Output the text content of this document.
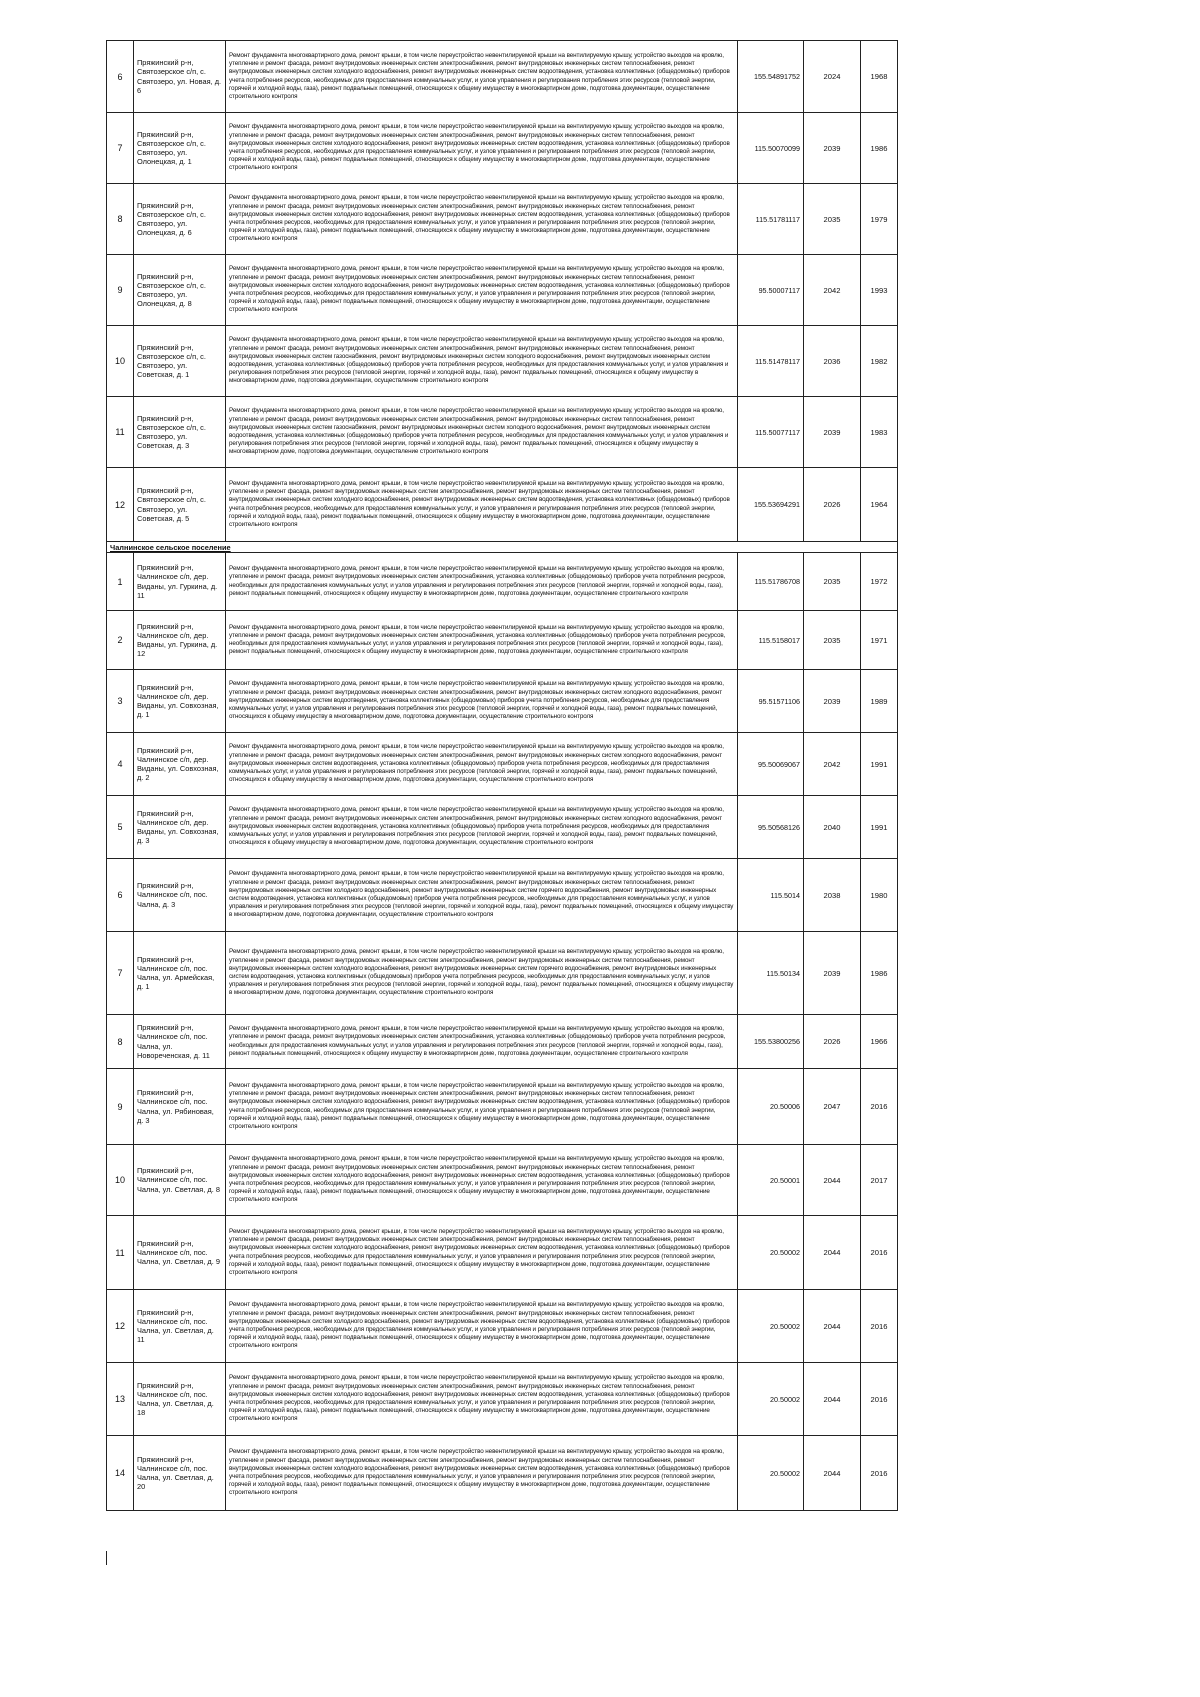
6	Пряжинский р-н, Святозерское с/п, с. Святозеро, ул. Новая, д. 6	Ремонт фундамента многоквартирного дома, ремонт крыши, в том числе переустройство невентилируемой крыши на вентилируемую крышу, устройство выходов на кровлю, утепление и ремонт фасада, ремонт внутридомовых инженерных систем электроснабжения, ремонт внутридомовых инженерных систем теплоснабжения, ремонт внутридомовых инженерных систем холодного водоснабжения, ремонт внутридомовых инженерных систем водоотведения, установка коллективных (общедомовых) приборов учета потребления ресурсов, необходимых для предоставления коммунальных услуг, и узлов управления и регулирования потребления этих ресурсов (тепловой энергии, горячей и холодной воды, газа), ремонт подвальных помещений, относящихся к общему имуществу в многоквартирном доме, подготовка документации, осуществление строительного контроля	155.54891752	2024	1968
7	Пряжинский р-н, Святозерское с/п, с. Святозеро, ул. Олонецкая, д. 1	Ремонт фундамента многоквартирного дома, ремонт крыши, в том числе переустройство невентилируемой крыши на вентилируемую крышу, устройство выходов на кровлю, утепление и ремонт фасада, ремонт внутридомовых инженерных систем электроснабжения, ремонт внутридомовых инженерных систем теплоснабжения, ремонт внутридомовых инженерных систем холодного водоснабжения, ремонт внутридомовых инженерных систем водоотведения, установка коллективных (общедомовых) приборов учета потребления ресурсов, необходимых для предоставления коммунальных услуг, и узлов управления и регулирования потребления этих ресурсов (тепловой энергии, горячей и холодной воды, газа), ремонт подвальных помещений, относящихся к общему имуществу в многоквартирном доме, подготовка документации, осуществление строительного контроля	115.50070099	2039	1986
8	Пряжинский р-н, Святозерское с/п, с. Святозеро, ул. Олонецкая, д. 6	Ремонт фундамента многоквартирного дома, ремонт крыши, в том числе переустройство невентилируемой крыши на вентилируемую крышу, устройство выходов на кровлю, утепление и ремонт фасада, ремонт внутридомовых инженерных систем электроснабжения, ремонт внутридомовых инженерных систем теплоснабжения, ремонт внутридомовых инженерных систем холодного водоснабжения, ремонт внутридомовых инженерных систем водоотведения, установка коллективных (общедомовых) приборов учета потребления ресурсов, необходимых для предоставления коммунальных услуг, и узлов управления и регулирования потребления этих ресурсов (тепловой энергии, горячей и холодной воды, газа), ремонт подвальных помещений, относящихся к общему имуществу в многоквартирном доме, подготовка документации, осуществление строительного контроля	115.51781117	2035	1979
9	Пряжинский р-н, Святозерское с/п, с. Святозеро, ул. Олонецкая, д. 8	Ремонт фундамента многоквартирного дома, ремонт крыши, в том числе переустройство невентилируемой крыши на вентилируемую крышу, устройство выходов на кровлю, утепление и ремонт фасада, ремонт внутридомовых инженерных систем электроснабжения, ремонт внутридомовых инженерных систем теплоснабжения, ремонт внутридомовых инженерных систем холодного водоснабжения, ремонт внутридомовых инженерных систем водоотведения, установка коллективных (общедомовых) приборов учета потребления ресурсов, необходимых для предоставления коммунальных услуг, и узлов управления и регулирования потребления этих ресурсов (тепловой энергии, горячей и холодной воды, газа), ремонт подвальных помещений, относящихся к общему имуществу в многоквартирном доме, подготовка документации, осуществление строительного контроля	95.50007117	2042	1993
10	Пряжинский р-н, Святозерское с/п, с. Святозеро, ул. Советская, д. 1	Ремонт фундамента многоквартирного дома, ремонт крыши, в том числе переустройство невентилируемой крыши на вентилируемую крышу, устройство выходов на кровлю, утепление и ремонт фасада, ремонт внутридомовых инженерных систем электроснабжения, ремонт внутридомовых инженерных систем теплоснабжения, ремонт внутридомовых инженерных систем газоснабжения, ремонт внутридомовых инженерных систем холодного водоснабжения, ремонт внутридомовых инженерных систем водоотведения, установка коллективных (общедомовых) приборов учета потребления ресурсов, необходимых для предоставления коммунальных услуг, и узлов управления и регулирования потребления этих ресурсов (тепловой энергии, горячей и холодной воды, газа), ремонт подвальных помещений, относящихся к общему имуществу в многоквартирном доме, подготовка документации, осуществление строительного контроля	115.51478117	2036	1982
11	Пряжинский р-н, Святозерское с/п, с. Святозеро, ул. Советская, д. 3	Ремонт фундамента многоквартирного дома, ремонт крыши, в том числе переустройство невентилируемой крыши на вентилируемую крышу, устройство выходов на кровлю, утепление и ремонт фасада, ремонт внутридомовых инженерных систем электроснабжения, ремонт внутридомовых инженерных систем теплоснабжения, ремонт внутридомовых инженерных систем газоснабжения, ремонт внутридомовых инженерных систем холодного водоснабжения, ремонт внутридомовых инженерных систем водоотведения, установка коллективных (общедомовых) приборов учета потребления ресурсов, необходимых для предоставления коммунальных услуг, и узлов управления и регулирования потребления этих ресурсов (тепловой энергии, горячей и холодной воды, газа), ремонт подвальных помещений, относящихся к общему имуществу в многоквартирном доме, подготовка документации, осуществление строительного контроля	115.50077117	2039	1983
12	Пряжинский р-н, Святозерское с/п, с. Святозеро, ул. Советская, д. 5	Ремонт фундамента многоквартирного дома, ремонт крыши, в том числе переустройство невентилируемой крыши на вентилируемую крышу, устройство выходов на кровлю, утепление и ремонт фасада, ремонт внутридомовых инженерных систем электроснабжения, ремонт внутридомовых инженерных систем теплоснабжения, ремонт внутридомовых инженерных систем холодного водоснабжения, ремонт внутридомовых инженерных систем водоотведения, установка коллективных (общедомовых) приборов учета потребления ресурсов, необходимых для предоставления коммунальных услуг, и узлов управления и регулирования потребления этих ресурсов (тепловой энергии, горячей и холодной воды, газа), ремонт подвальных помещений, относящихся к общему имуществу в многоквартирном доме, подготовка документации, осуществление строительного контроля	155.53694291	2026	1964
Чалнинское сельское поселение					
1	Пряжинский р-н, Чалнинское с/п, дер. Виданы, ул. Гуркина, д. 11	Ремонт фундамента многоквартирного дома, ремонт крыши, в том числе переустройство невентилируемой крыши на вентилируемую крышу, устройство выходов на кровлю, утепление и ремонт фасада, ремонт внутридомовых инженерных систем электроснабжения, установка коллективных (общедомовых) приборов учета потребления ресурсов, необходимых для предоставления коммунальных услуг, и узлов управления и регулирования потребления этих ресурсов (тепловой энергии, горячей и холодной воды, газа), ремонт подвальных помещений, относящихся к общему имуществу в многоквартирном доме, подготовка документации, осуществление строительного контроля	115.51786708	2035	1972
2	Пряжинский р-н, Чалнинское с/п, дер. Виданы, ул. Гуркина, д. 12	Ремонт фундамента многоквартирного дома, ремонт крыши, в том числе переустройство невентилируемой крыши на вентилируемую крышу, устройство выходов на кровлю, утепление и ремонт фасада, ремонт внутридомовых инженерных систем электроснабжения, установка коллективных (общедомовых) приборов учета потребления ресурсов, необходимых для предоставления коммунальных услуг, и узлов управления и регулирования потребления этих ресурсов (тепловой энергии, горячей и холодной воды, газа), ремонт подвальных помещений, относящихся к общему имуществу в многоквартирном доме, подготовка документации, осуществление строительного контроля	115.5158017	2035	1971
3	Пряжинский р-н, Чалнинское с/п, дер. Виданы, ул. Совхозная, д. 1	Ремонт фундамента многоквартирного дома, ремонт крыши, в том числе переустройство невентилируемой крыши на вентилируемую крышу, устройство выходов на кровлю, утепление и ремонт фасада, ремонт внутридомовых инженерных систем электроснабжения, ремонт внутридомовых инженерных систем холодного водоснабжения, ремонт внутридомовых инженерных систем водоотведения, установка коллективных (общедомовых) приборов учета потребления ресурсов, необходимых для предоставления коммунальных услуг, и узлов управления и регулирования потребления этих ресурсов (тепловой энергии, горячей и холодной воды, газа), ремонт подвальных помещений, относящихся к общему имуществу в многоквартирном доме, подготовка документации, осуществление строительного контроля	95.51571106	2039	1989
4	Пряжинский р-н, Чалнинское с/п, дер. Виданы, ул. Совхозная, д. 2	Ремонт фундамента многоквартирного дома, ремонт крыши, в том числе переустройство невентилируемой крыши на вентилируемую крышу, устройство выходов на кровлю, утепление и ремонт фасада, ремонт внутридомовых инженерных систем электроснабжения, ремонт внутридомовых инженерных систем холодного водоснабжения, ремонт внутридомовых инженерных систем водоотведения, установка коллективных (общедомовых) приборов учета потребления ресурсов, необходимых для предоставления коммунальных услуг, и узлов управления и регулирования потребления этих ресурсов (тепловой энергии, горячей и холодной воды, газа), ремонт подвальных помещений, относящихся к общему имуществу в многоквартирном доме, подготовка документации, осуществление строительного контроля	95.50069067	2042	1991
5	Пряжинский р-н, Чалнинское с/п, дер. Виданы, ул. Совхозная, д. 3	Ремонт фундамента многоквартирного дома, ремонт крыши, в том числе переустройство невентилируемой крыши на вентилируемую крышу, устройство выходов на кровлю, утепление и ремонт фасада, ремонт внутридомовых инженерных систем электроснабжения, ремонт внутридомовых инженерных систем холодного водоснабжения, ремонт внутридомовых инженерных систем водоотведения, установка коллективных (общедомовых) приборов учета потребления ресурсов, необходимых для предоставления коммунальных услуг, и узлов управления и регулирования потребления этих ресурсов (тепловой энергии, горячей и холодной воды, газа), ремонт подвальных помещений, относящихся к общему имуществу в многоквартирном доме, подготовка документации, осуществление строительного контроля	95.50568126	2040	1991
6	Пряжинский р-н, Чалнинское с/п, пос. Чална, д. 3	Ремонт фундамента многоквартирного дома, ремонт крыши, в том числе переустройство невентилируемой крыши на вентилируемую крышу, устройство выходов на кровлю, утепление и ремонт фасада, ремонт внутридомовых инженерных систем электроснабжения, ремонт внутридомовых инженерных систем теплоснабжения, ремонт внутридомовых инженерных систем холодного водоснабжения, ремонт внутридомовых инженерных систем горячего водоснабжения, ремонт внутридомовых инженерных систем водоотведения, установка коллективных (общедомовых) приборов учета потребления ресурсов, необходимых для предоставления коммунальных услуг, и узлов управления и регулирования потребления этих ресурсов (тепловой энергии, горячей и холодной воды, газа), ремонт подвальных помещений, относящихся к общему имуществу в многоквартирном доме, подготовка документации, осуществление строительного контроля	115.5014	2038	1980
7	Пряжинский р-н, Чалнинское с/п, пос. Чална, ул. Армейская, д. 1	Ремонт фундамента многоквартирного дома, ремонт крыши, в том числе переустройство невентилируемой крыши на вентилируемую крышу, устройство выходов на кровлю, утепление и ремонт фасада, ремонт внутридомовых инженерных систем электроснабжения, ремонт внутридомовых инженерных систем теплоснабжения, ремонт внутридомовых инженерных систем холодного водоснабжения, ремонт внутридомовых инженерных систем горячего водоснабжения, ремонт внутридомовых инженерных систем водоотведения, установка коллективных (общедомовых) приборов учета потребления ресурсов, необходимых для предоставления коммунальных услуг, и узлов управления и регулирования потребления этих ресурсов (тепловой энергии, горячей и холодной воды, газа), ремонт подвальных помещений, относящихся к общему имуществу в многоквартирном доме, подготовка документации, осуществление строительного контроля	115.50134	2039	1986
8	Пряжинский р-н, Чалнинское с/п, пос. Чална, ул. Новореченская, д. 11	Ремонт фундамента многоквартирного дома, ремонт крыши, в том числе переустройство невентилируемой крыши на вентилируемую крышу, устройство выходов на кровлю, утепление и ремонт фасада, ремонт внутридомовых инженерных систем электроснабжения, установка коллективных (общедомовых) приборов учета потребления ресурсов, необходимых для предоставления коммунальных услуг, и узлов управления и регулирования потребления этих ресурсов (тепловой энергии, горячей и холодной воды, газа), ремонт подвальных помещений, относящихся к общему имуществу в многоквартирном доме, подготовка документации, осуществление строительного контроля	155.53800256	2026	1966
9	Пряжинский р-н, Чалнинское с/п, пос. Чална, ул. Рябиновая, д. 3	Ремонт фундамента многоквартирного дома, ремонт крыши, в том числе переустройство невентилируемой крыши на вентилируемую крышу, устройство выходов на кровлю, утепление и ремонт фасада, ремонт внутридомовых инженерных систем электроснабжения, ремонт внутридомовых инженерных систем теплоснабжения, ремонт внутридомовых инженерных систем холодного водоснабжения, ремонт внутридомовых инженерных систем водоотведения, установка коллективных (общедомовых) приборов учета потребления ресурсов, необходимых для предоставления коммунальных услуг, и узлов управления и регулирования потребления этих ресурсов (тепловой энергии, горячей и холодной воды, газа), ремонт подвальных помещений, относящихся к общему имуществу в многоквартирном доме, подготовка документации, осуществление строительного контроля	20.50006	2047	2016
10	Пряжинский р-н, Чалнинское с/п, пос. Чална, ул. Светлая, д. 8	Ремонт фундамента многоквартирного дома, ремонт крыши, в том числе переустройство невентилируемой крыши на вентилируемую крышу, устройство выходов на кровлю, утепление и ремонт фасада, ремонт внутридомовых инженерных систем электроснабжения, ремонт внутридомовых инженерных систем теплоснабжения, ремонт внутридомовых инженерных систем холодного водоснабжения, ремонт внутридомовых инженерных систем водоотведения, установка коллективных (общедомовых) приборов учета потребления ресурсов, необходимых для предоставления коммунальных услуг, и узлов управления и регулирования потребления этих ресурсов (тепловой энергии, горячей и холодной воды, газа), ремонт подвальных помещений, относящихся к общему имуществу в многоквартирном доме, подготовка документации, осуществление строительного контроля	20.50001	2044	2017
11	Пряжинский р-н, Чалнинское с/п, пос. Чална, ул. Светлая, д. 9	Ремонт фундамента многоквартирного дома, ремонт крыши, в том числе переустройство невентилируемой крыши на вентилируемую крышу, устройство выходов на кровлю, утепление и ремонт фасада, ремонт внутридомовых инженерных систем электроснабжения, ремонт внутридомовых инженерных систем теплоснабжения, ремонт внутридомовых инженерных систем холодного водоснабжения, ремонт внутридомовых инженерных систем водоотведения, установка коллективных (общедомовых) приборов учета потребления ресурсов, необходимых для предоставления коммунальных услуг, и узлов управления и регулирования потребления этих ресурсов (тепловой энергии, горячей и холодной воды, газа), ремонт подвальных помещений, относящихся к общему имуществу в многоквартирном доме, подготовка документации, осуществление строительного контроля	20.50002	2044	2016
12	Пряжинский р-н, Чалнинское с/п, пос. Чална, ул. Светлая, д. 11	Ремонт фундамента многоквартирного дома, ремонт крыши, в том числе переустройство невентилируемой крыши на вентилируемую крышу, устройство выходов на кровлю, утепление и ремонт фасада, ремонт внутридомовых инженерных систем электроснабжения, ремонт внутридомовых инженерных систем теплоснабжения, ремонт внутридомовых инженерных систем холодного водоснабжения, ремонт внутридомовых инженерных систем водоотведения, установка коллективных (общедомовых) приборов учета потребления ресурсов, необходимых для предоставления коммунальных услуг, и узлов управления и регулирования потребления этих ресурсов (тепловой энергии, горячей и холодной воды, газа), ремонт подвальных помещений, относящихся к общему имуществу в многоквартирном доме, подготовка документации, осуществление строительного контроля	20.50002	2044	2016
13	Пряжинский р-н, Чалнинское с/п, пос. Чална, ул. Светлая, д. 18	Ремонт фундамента многоквартирного дома, ремонт крыши, в том числе переустройство невентилируемой крыши на вентилируемую крышу, устройство выходов на кровлю, утепление и ремонт фасада, ремонт внутридомовых инженерных систем электроснабжения, ремонт внутридомовых инженерных систем теплоснабжения, ремонт внутридомовых инженерных систем холодного водоснабжения, ремонт внутридомовых инженерных систем водоотведения, установка коллективных (общедомовых) приборов учета потребления ресурсов, необходимых для предоставления коммунальных услуг, и узлов управления и регулирования потребления этих ресурсов (тепловой энергии, горячей и холодной воды, газа), ремонт подвальных помещений, относящихся к общему имуществу в многоквартирном доме, подготовка документации, осуществление строительного контроля	20.50002	2044	2016
14	Пряжинский р-н, Чалнинское с/п, пос. Чална, ул. Светлая, д. 20	Ремонт фундамента многоквартирного дома, ремонт крыши, в том числе переустройство невентилируемой крыши на вентилируемую крышу, устройство выходов на кровлю, утепление и ремонт фасада, ремонт внутридомовых инженерных систем электроснабжения, ремонт внутридомовых инженерных систем теплоснабжения, ремонт внутридомовых инженерных систем холодного водоснабжения, ремонт внутридомовых инженерных систем водоотведения, установка коллективных (общедомовых) приборов учета потребления ресурсов, необходимых для предоставления коммунальных услуг, и узлов управления и регулирования потребления этих ресурсов (тепловой энергии, горячей и холодной воды, газа), ремонт подвальных помещений, относящихся к общему имуществу в многоквартирном доме, подготовка документации, осуществление строительного контроля	20.50002	2044	2016
